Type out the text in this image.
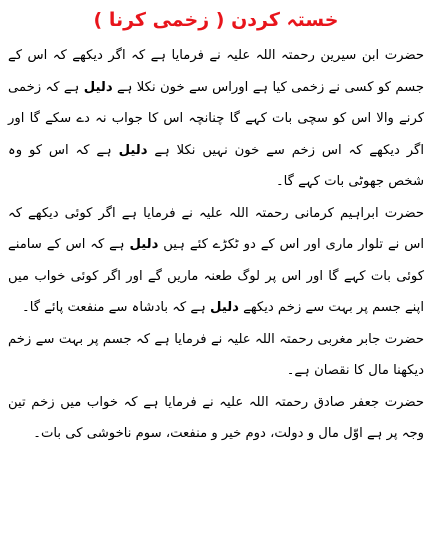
خستہ کردن ( زخمی کرنا )

حضرت ابن سیرین رحمتہ اللہ علیہ نے فرمایا ہے کہ اگر دیکھے کہ اس کے جسم کو کسی نے زخمی کیا ہے اوراس سے خون نکلا ہے دلیل ہے کہ زخمی کرنے والا اس کو سچی بات کہے گا چنانچہ اس کا جواب نہ دے سکے گا اور اگر دیکھے کہ اس زخم سے خون نہیں نکلا ہے دلیل ہے کہ اس کو وہ شخص جھوٹی بات کہے گا۔

حضرت ابراہیم کرمانی رحمتہ اللہ علیہ نے فرمایا ہے اگر کوئی دیکھے کہ اس نے تلوار ماری اور اس کے دو ٹکڑے کئے ہیں دلیل ہے کہ اس کے سامنے کوئی بات کہے گا اور اس پر لوگ طعنہ ماریں گے اور اگر کوئی خواب میں اپنے جسم پر بہت سے زخم دیکھے دلیل ہے کہ بادشاہ سے منفعت پائے گا۔

حضرت جابر مغربی رحمتہ اللہ علیہ نے فرمایا ہے کہ جسم پر بہت سے زخم دیکھنا مال کا نقصان ہے۔

حضرت جعفر صادق رحمتہ اللہ علیہ نے فرمایا ہے کہ خواب میں زخم تین وجہ پر ہے اوّل مال و دولت، دوم خیر و منفعت، سوم ناخوشی کی بات۔
